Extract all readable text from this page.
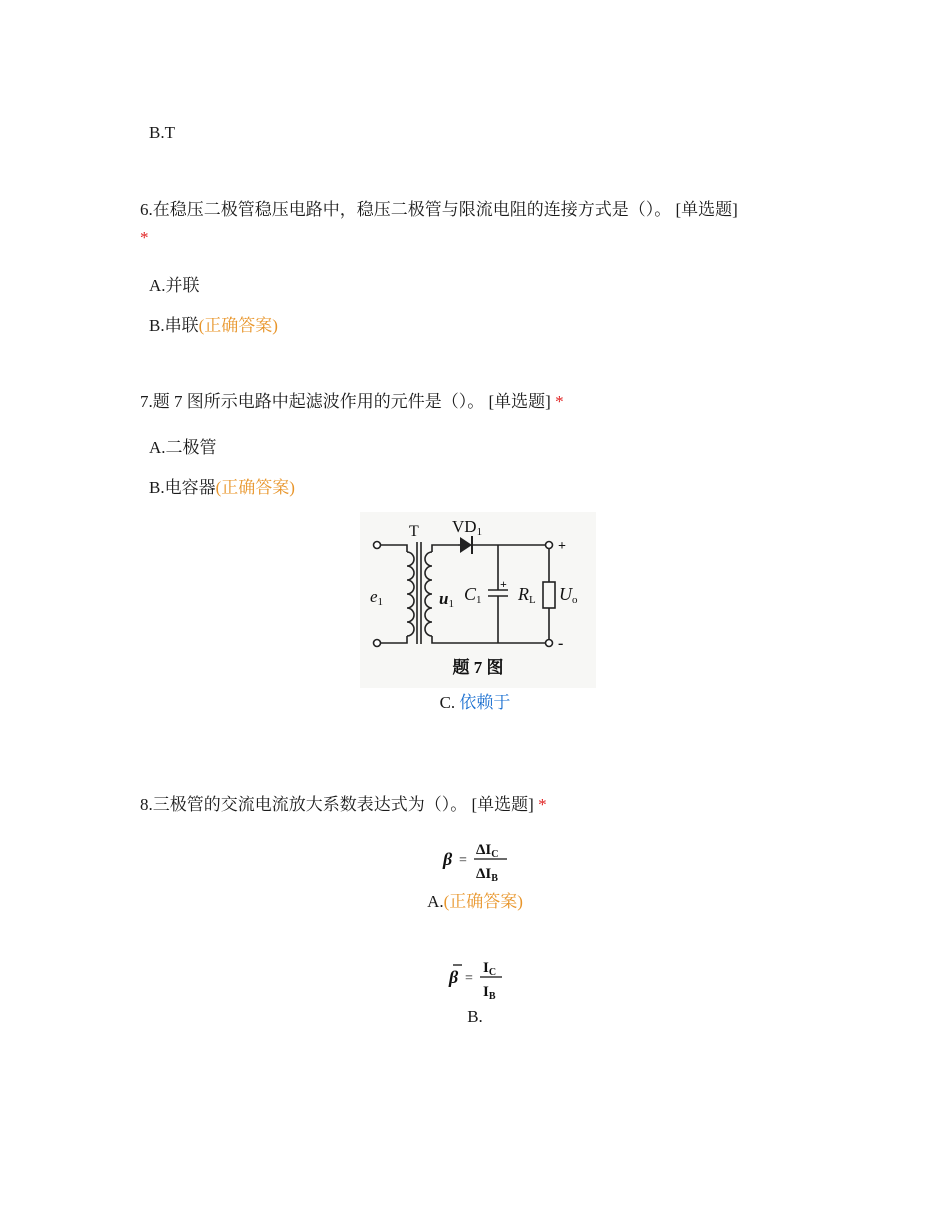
B.T
6.在稳压二极管稳压电路中，稳压二极管与限流电阻的连接方式是（）。 [单选题]
*
A.并联
B.串联(正确答案)
7.题 7 图所示电路中起滤波作用的元件是（）。 [单选题] *
A.二极管
B.电容器(正确答案)
VD1
T
e1	u1 C1
+ RL Uo
+
-
题 7 图
C. 依赖于
8.三极管的交流电流放大系数表达式为（）。 [单选题] *
β =
$\Delta I_C$
$\Delta I_B$
A.(正确答案)
β =
$I_C$
$I_B$
B.
